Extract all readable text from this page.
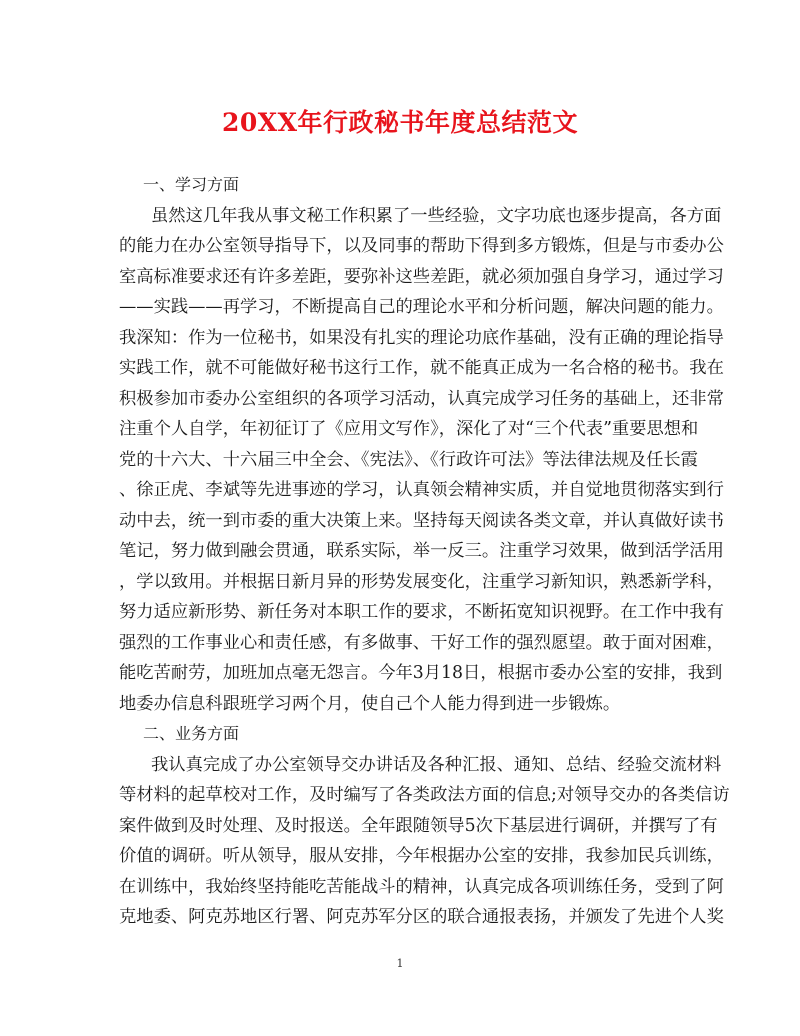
20XX年行政秘书年度总结范文

一、学习方面

虽然这几年我从事文秘工作积累了一些经验，文字功底也逐步提高，各方面
的能力在办公室领导指导下，以及同事的帮助下得到多方锻炼，但是与市委办公
室高标准要求还有许多差距，要弥补这些差距，就必须加强自身学习，通过学习
——实践——再学习，不断提高自己的理论水平和分析问题，解决问题的能力。
我深知：作为一位秘书，如果没有扎实的理论功底作基础，没有正确的理论指导
实践工作，就不可能做好秘书这行工作，就不能真正成为一名合格的秘书。我在
积极参加市委办公室组织的各项学习活动，认真完成学习任务的基础上，还非常
注重个人自学，年初征订了《应用文写作》，深化了对“三个代表”重要思想和
党的十六大、十六届三中全会、《宪法》、《行政许可法》等法律法规及任长霞
、徐正虎、李斌等先进事迹的学习，认真领会精神实质，并自觉地贯彻落实到行
动中去，统一到市委的重大决策上来。坚持每天阅读各类文章，并认真做好读书
笔记，努力做到融会贯通，联系实际，举一反三。注重学习效果，做到活学活用
，学以致用。并根据日新月异的形势发展变化，注重学习新知识，熟悉新学科，
努力适应新形势、新任务对本职工作的要求，不断拓宽知识视野。在工作中我有
强烈的工作事业心和责任感，有多做事、干好工作的强烈愿望。敢于面对困难，
能吃苦耐劳，加班加点毫无怨言。今年3月18日，根据市委办公室的安排，我到
地委办信息科跟班学习两个月，使自己个人能力得到进一步锻炼。

二、业务方面

我认真完成了办公室领导交办讲话及各种汇报、通知、总结、经验交流材料
等材料的起草校对工作，及时编写了各类政法方面的信息;对领导交办的各类信访
案件做到及时处理、及时报送。全年跟随领导5次下基层进行调研，并撰写了有
价值的调研。听从领导，服从安排，今年根据办公室的安排，我参加民兵训练，
在训练中，我始终坚持能吃苦能战斗的精神，认真完成各项训练任务，受到了阿
克地委、阿克苏地区行署、阿克苏军分区的联合通报表扬，并颁发了先进个人奖
1
